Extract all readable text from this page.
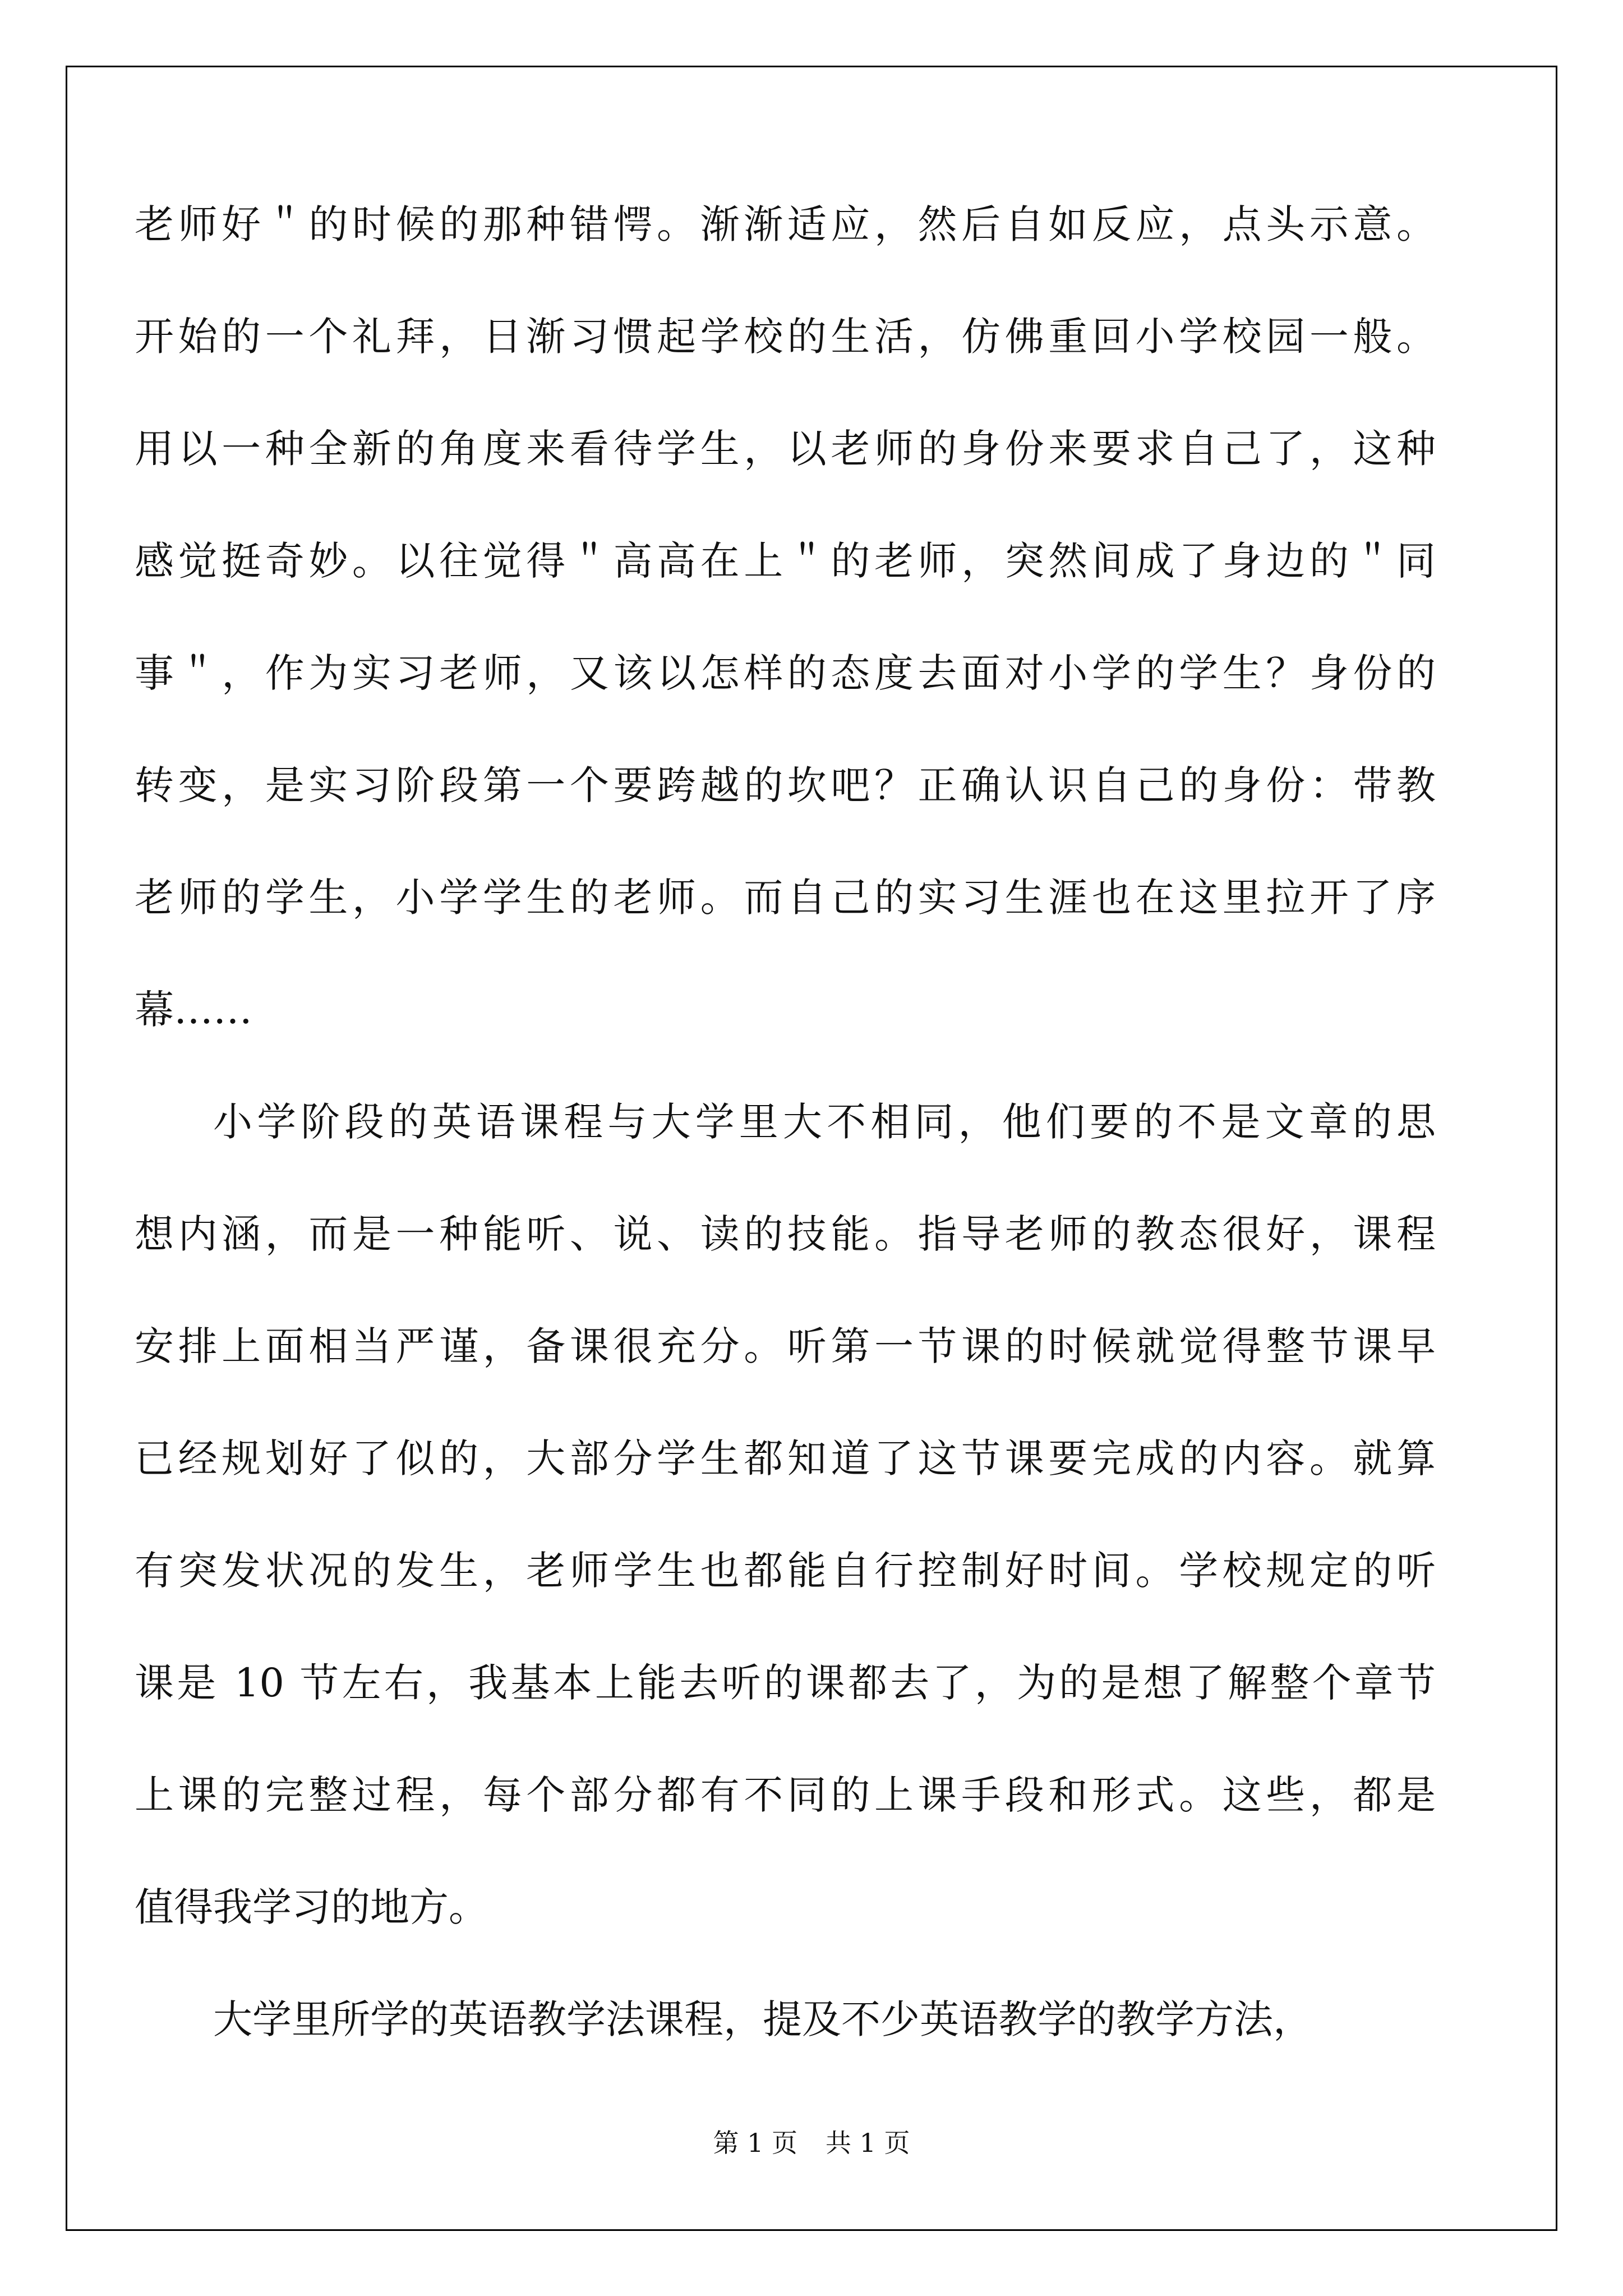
老师好＂的时候的那种错愕。渐渐适应，然后自如反应，点头示意。
开始的一个礼拜，日渐习惯起学校的生活，仿佛重回小学校园一般。
用以一种全新的角度来看待学生，以老师的身份来要求自己了，这种
感觉挺奇妙。以往觉得＂高高在上＂的老师，突然间成了身边的＂同
事＂，作为实习老师，又该以怎样的态度去面对小学的学生？身份的
转变，是实习阶段第一个要跨越的坎吧？正确认识自己的身份：带教
老师的学生，小学学生的老师。而自己的实习生涯也在这里拉开了序
幕……
小学阶段的英语课程与大学里大不相同，他们要的不是文章的思
想内涵，而是一种能听、说、读的技能。指导老师的教态很好，课程
安排上面相当严谨，备课很充分。听第一节课的时候就觉得整节课早
已经规划好了似的，大部分学生都知道了这节课要完成的内容。就算
有突发状况的发生，老师学生也都能自行控制好时间。学校规定的听
课是 10 节左右，我基本上能去听的课都去了，为的是想了解整个章节
上课的完整过程，每个部分都有不同的上课手段和形式。这些，都是
值得我学习的地方。
大学里所学的英语教学法课程，提及不少英语教学的教学方法，
第 1 页 共 1 页
